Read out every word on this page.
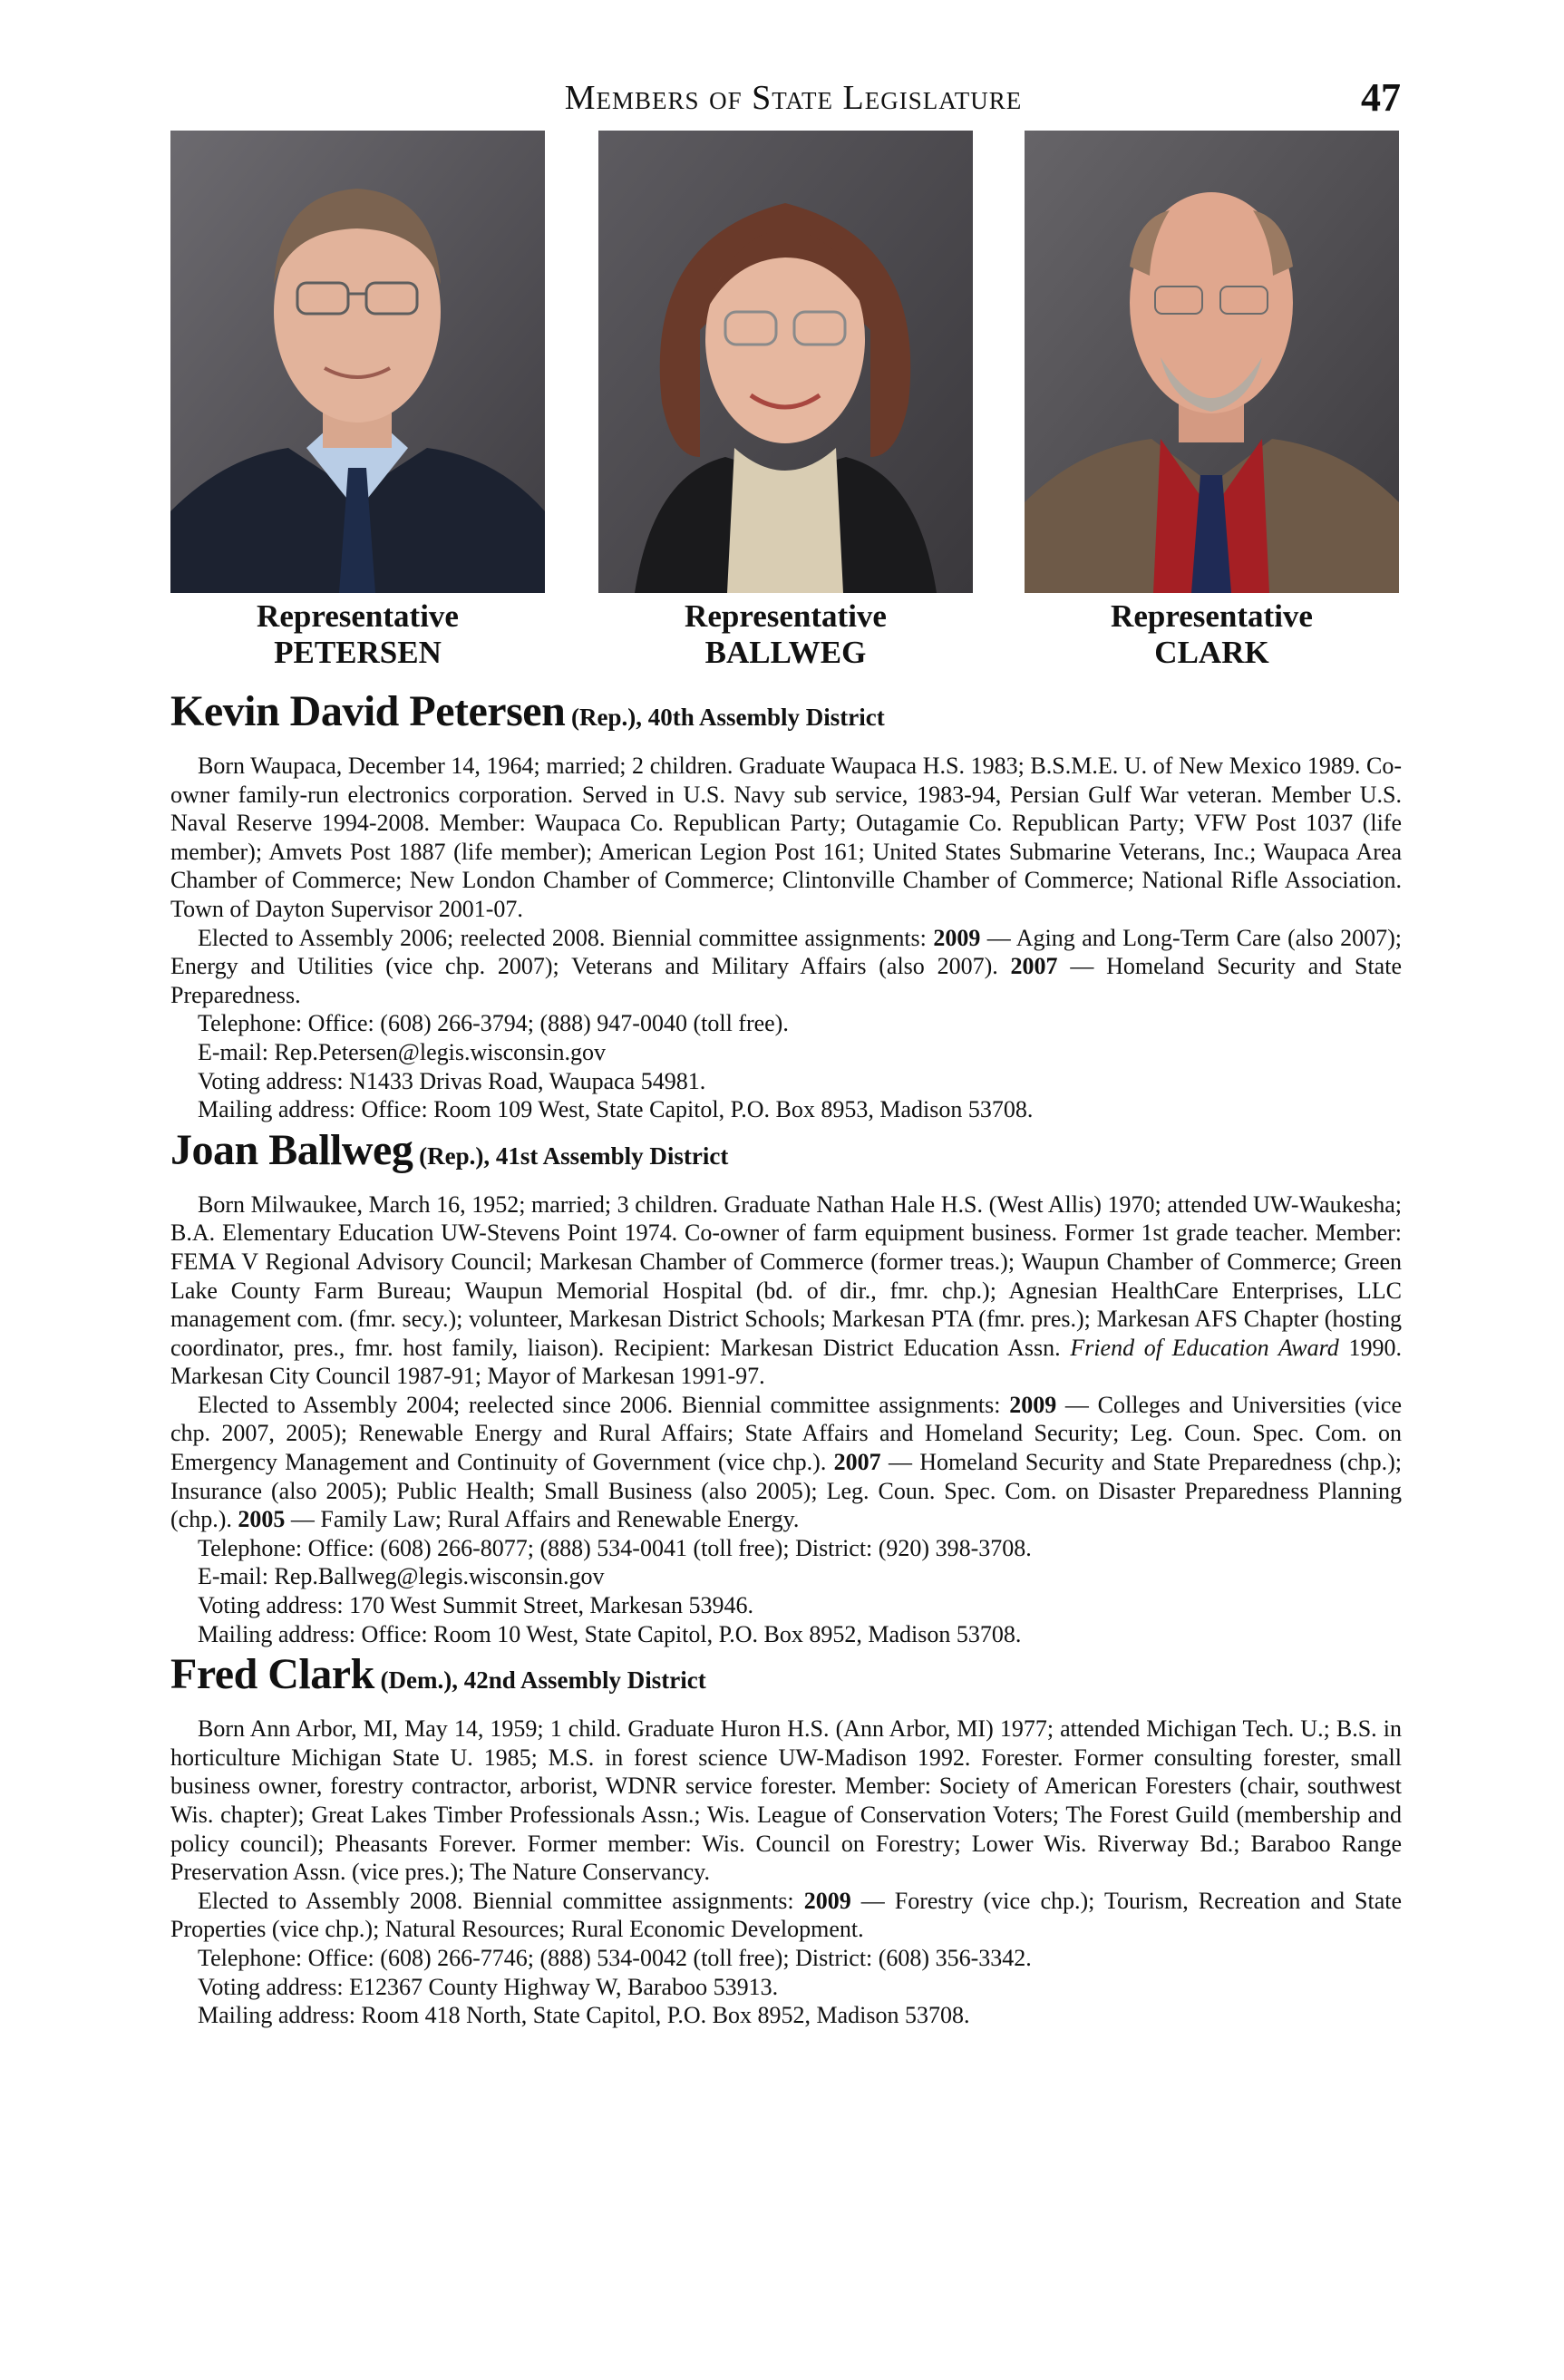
Members of State Legislature	47
Representative
PETERSEN
Representative
BALLWEG
Representative
CLARK
Kevin David Petersen (Rep.), 40th Assembly District

Born Waupaca, December 14, 1964; married; 2 children. Graduate Waupaca H.S. 1983; B.S.M.E. U. of New Mexico 1989. Co-owner family-run electronics corporation. Served in U.S. Navy sub service, 1983-94, Persian Gulf War veteran. Member U.S. Naval Reserve 1994-2008. Member: Waupaca Co. Republican Party; Outagamie Co. Republican Party; VFW Post 1037 (life member); Amvets Post 1887 (life member); American Legion Post 161; United States Submarine Veterans, Inc.; Waupaca Area Chamber of Commerce; New London Chamber of Commerce; Clintonville Chamber of Commerce; National Rifle Association. Town of Dayton Supervisor 2001-07.

Elected to Assembly 2006; reelected 2008. Biennial committee assignments: 2009 — Aging and Long-Term Care (also 2007); Energy and Utilities (vice chp. 2007); Veterans and Military Affairs (also 2007). 2007 — Homeland Security and State Preparedness.

Telephone: Office: (608) 266-3794; (888) 947-0040 (toll free).

E-mail: Rep.Petersen@legis.wisconsin.gov

Voting address: N1433 Drivas Road, Waupaca 54981.

Mailing address: Office: Room 109 West, State Capitol, P.O. Box 8953, Madison 53708.

Joan Ballweg (Rep.), 41st Assembly District

Born Milwaukee, March 16, 1952; married; 3 children. Graduate Nathan Hale H.S. (West Allis) 1970; attended UW-Waukesha; B.A. Elementary Education UW-Stevens Point 1974. Co-owner of farm equipment business. Former 1st grade teacher. Member: FEMA V Regional Advisory Council; Markesan Chamber of Commerce (former treas.); Waupun Chamber of Commerce; Green Lake County Farm Bureau; Waupun Memorial Hospital (bd. of dir., fmr. chp.); Agnesian HealthCare Enterprises, LLC management com. (fmr. secy.); volunteer, Markesan District Schools; Markesan PTA (fmr. pres.); Markesan AFS Chapter (hosting coordinator, pres., fmr. host family, liaison). Recipient: Markesan District Education Assn. Friend of Education Award 1990. Markesan City Council 1987-91; Mayor of Markesan 1991-97.

Elected to Assembly 2004; reelected since 2006. Biennial committee assignments: 2009 — Colleges and Universities (vice chp. 2007, 2005); Renewable Energy and Rural Affairs; State Affairs and Homeland Security; Leg. Coun. Spec. Com. on Emergency Management and Continuity of Government (vice chp.). 2007 — Homeland Security and State Preparedness (chp.); Insurance (also 2005); Public Health; Small Business (also 2005); Leg. Coun. Spec. Com. on Disaster Preparedness Planning (chp.). 2005 — Family Law; Rural Affairs and Renewable Energy.

Telephone: Office: (608) 266-8077; (888) 534-0041 (toll free); District: (920) 398-3708.

E-mail: Rep.Ballweg@legis.wisconsin.gov

Voting address: 170 West Summit Street, Markesan 53946.

Mailing address: Office: Room 10 West, State Capitol, P.O. Box 8952, Madison 53708.

Fred Clark (Dem.), 42nd Assembly District

Born Ann Arbor, MI, May 14, 1959; 1 child. Graduate Huron H.S. (Ann Arbor, MI) 1977; attended Michigan Tech. U.; B.S. in horticulture Michigan State U. 1985; M.S. in forest science UW-Madison 1992. Forester. Former consulting forester, small business owner, forestry contractor, arborist, WDNR service forester. Member: Society of American Foresters (chair, southwest Wis. chapter); Great Lakes Timber Professionals Assn.; Wis. League of Conservation Voters; The Forest Guild (membership and policy council); Pheasants Forever. Former member: Wis. Council on Forestry; Lower Wis. Riverway Bd.; Baraboo Range Preservation Assn. (vice pres.); The Nature Conservancy.

Elected to Assembly 2008. Biennial committee assignments: 2009 — Forestry (vice chp.); Tourism, Recreation and State Properties (vice chp.); Natural Resources; Rural Economic Development.

Telephone: Office: (608) 266-7746; (888) 534-0042 (toll free); District: (608) 356-3342.

Voting address: E12367 County Highway W, Baraboo 53913.

Mailing address: Room 418 North, State Capitol, P.O. Box 8952, Madison 53708.
